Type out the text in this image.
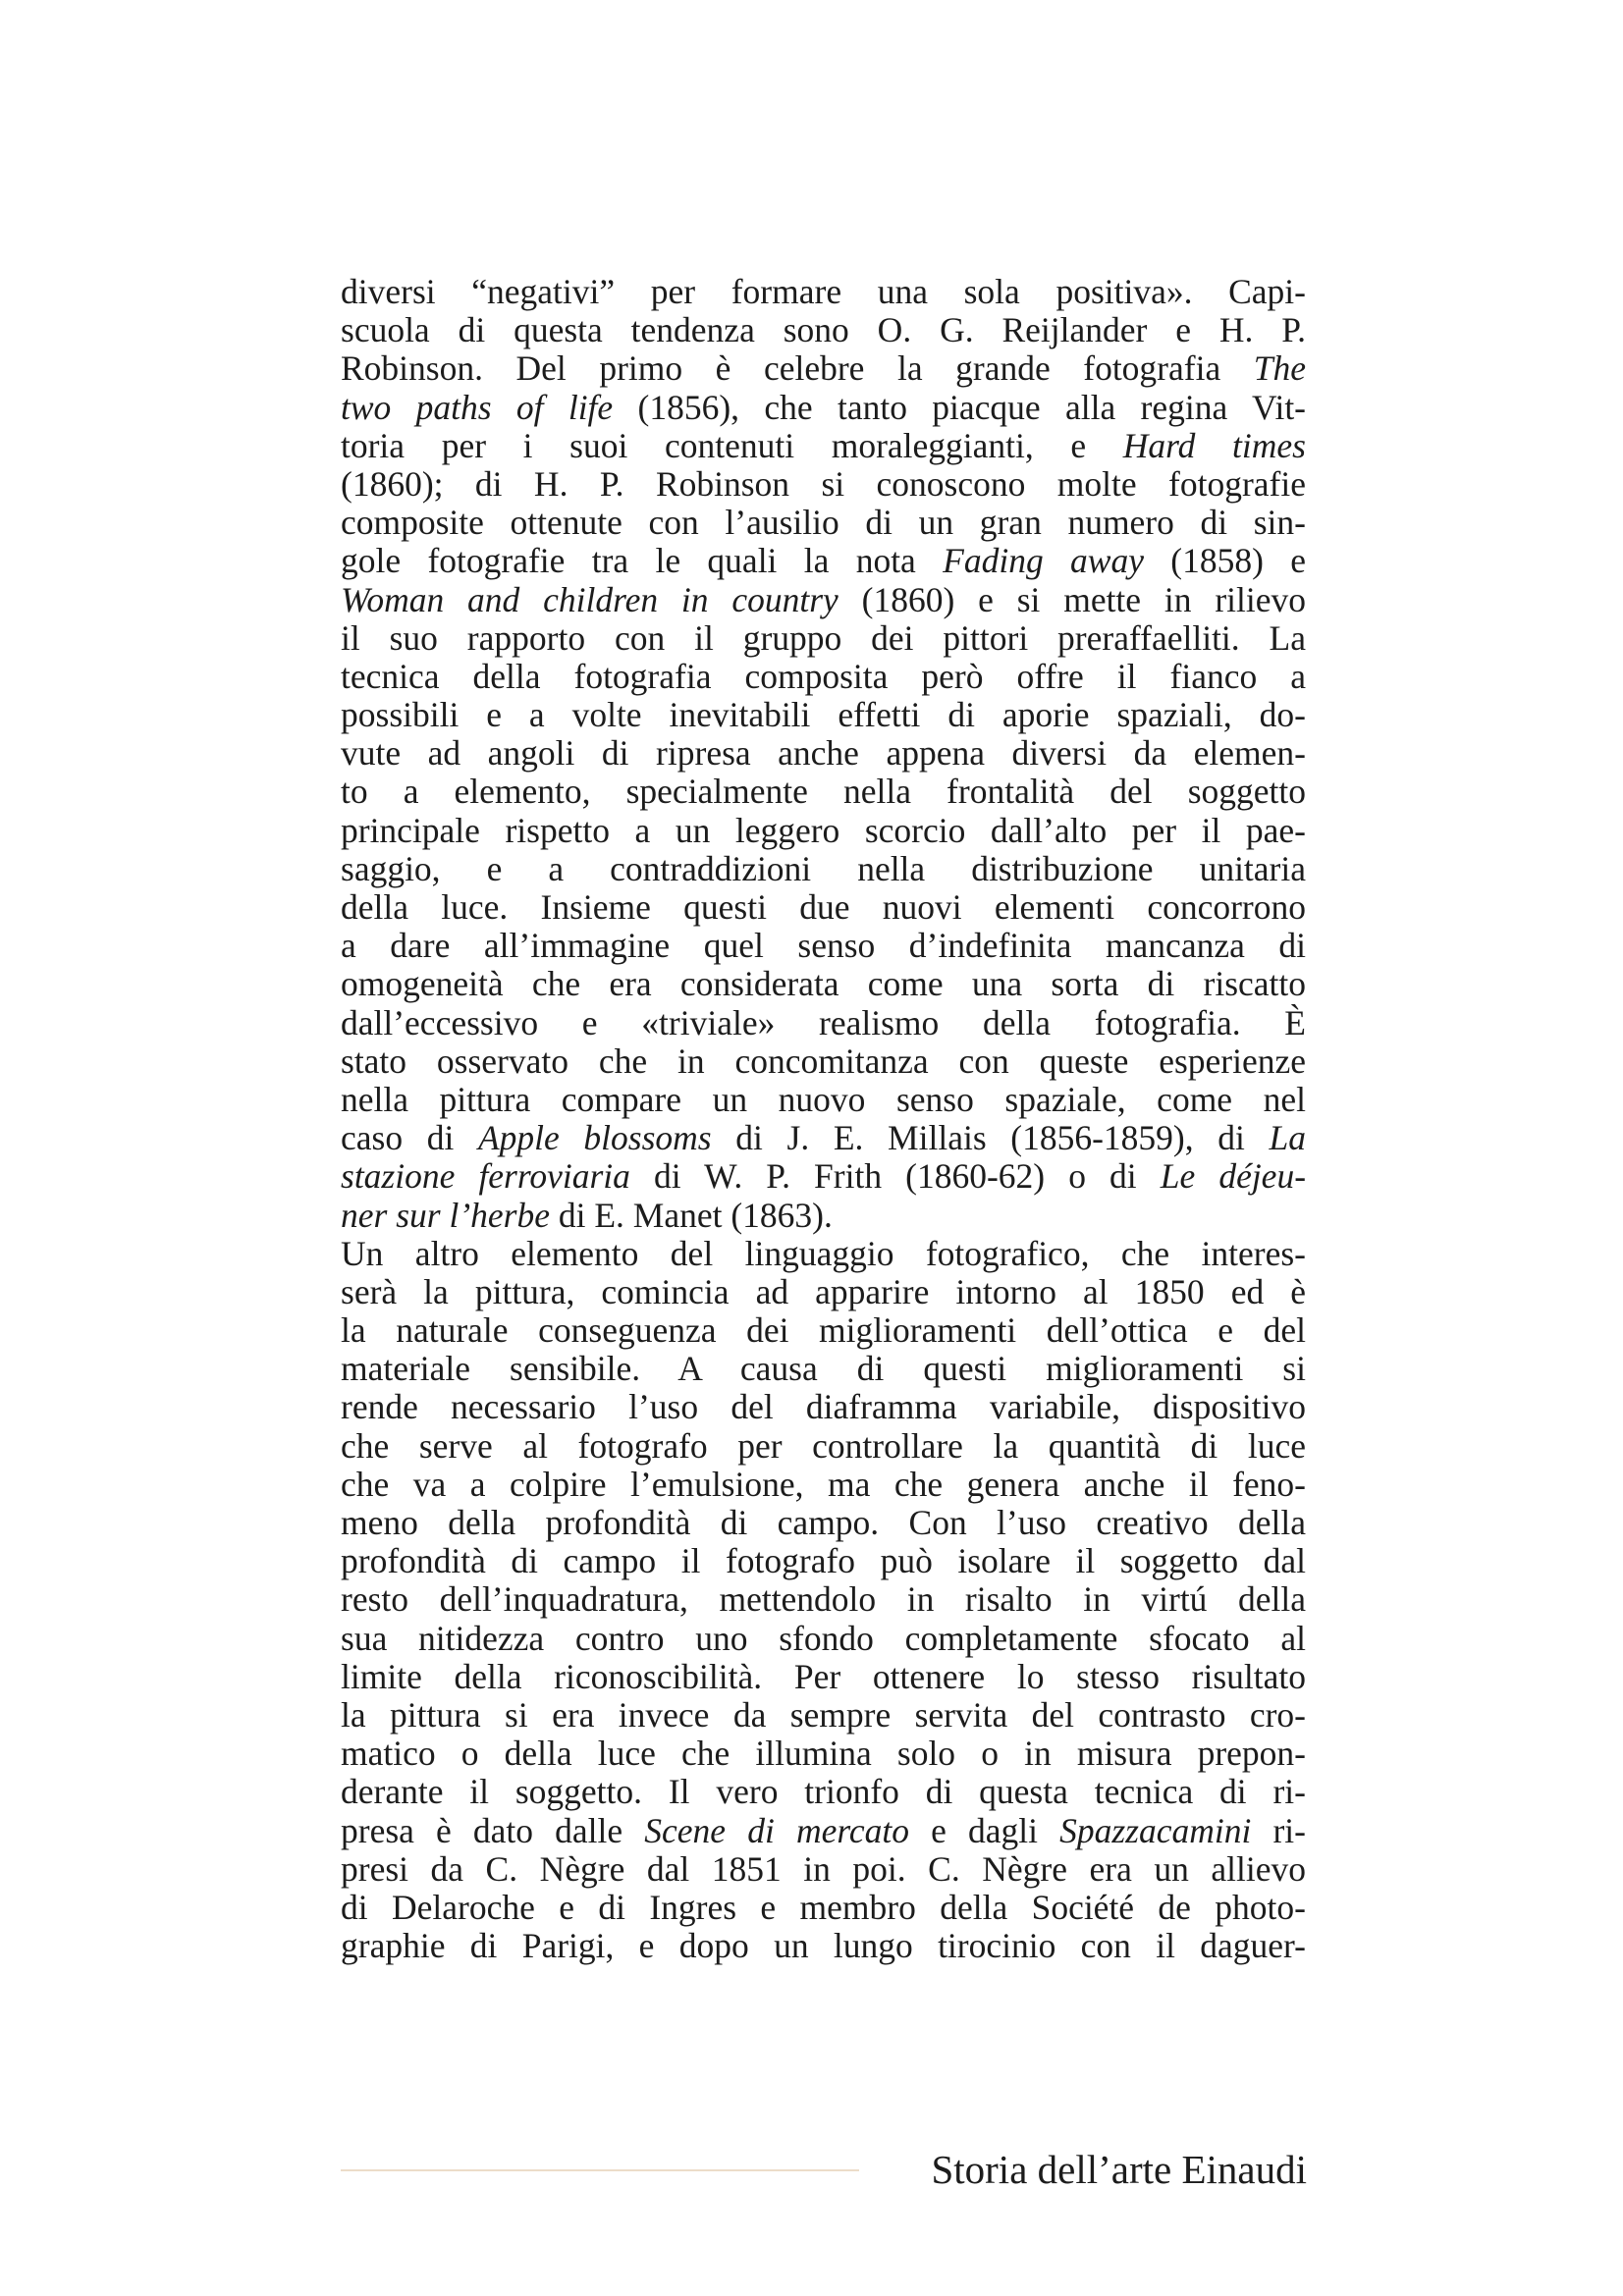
diversi “negativi” per formare una sola positiva». Capi-
scuola di questa tendenza sono O. G. Reijlander e H. P.
Robinson. Del primo è celebre la grande fotografia The
two paths of life (1856), che tanto piacque alla regina Vit-
toria per i suoi contenuti moraleggianti, e Hard times
(1860); di H. P. Robinson si conoscono molte fotografie
composite ottenute con l’ausilio di un gran numero di sin-
gole fotografie tra le quali la nota Fading away (1858) e
Woman and children in country (1860) e si mette in rilievo
il suo rapporto con il gruppo dei pittori preraffaelliti. La
tecnica della fotografia composita però offre il fianco a
possibili e a volte inevitabili effetti di aporie spaziali, do-
vute ad angoli di ripresa anche appena diversi da elemen-
to a elemento, specialmente nella frontalità del soggetto
principale rispetto a un leggero scorcio dall’alto per il pae-
saggio, e a contraddizioni nella distribuzione unitaria
della luce. Insieme questi due nuovi elementi concorrono
a dare all’immagine quel senso d’indefinita mancanza di
omogeneità che era considerata come una sorta di riscatto
dall’eccessivo e «triviale» realismo della fotografia. È
stato osservato che in concomitanza con queste esperienze
nella pittura compare un nuovo senso spaziale, come nel
caso di Apple blossoms di J. E. Millais (1856-1859), di La
stazione ferroviaria di W. P. Frith (1860-62) o di Le déjeu-
ner sur l’herbe di E. Manet (1863).
Un altro elemento del linguaggio fotografico, che interes-
serà la pittura, comincia ad apparire intorno al 1850 ed è
la naturale conseguenza dei miglioramenti dell’ottica e del
materiale sensibile. A causa di questi miglioramenti si
rende necessario l’uso del diaframma variabile, dispositivo
che serve al fotografo per controllare la quantità di luce
che va a colpire l’emulsione, ma che genera anche il feno-
meno della profondità di campo. Con l’uso creativo della
profondità di campo il fotografo può isolare il soggetto dal
resto dell’inquadratura, mettendolo in risalto in virtú della
sua nitidezza contro uno sfondo completamente sfocato al
limite della riconoscibilità. Per ottenere lo stesso risultato
la pittura si era invece da sempre servita del contrasto cro-
matico o della luce che illumina solo o in misura prepon-
derante il soggetto. Il vero trionfo di questa tecnica di ri-
presa è dato dalle Scene di mercato e dagli Spazzacamini ri-
presi da C. Nègre dal 1851 in poi. C. Nègre era un allievo
di Delaroche e di Ingres e membro della Société de photo-
graphie di Parigi, e dopo un lungo tirocinio con il daguer-
Storia dell’arte Einaudi
